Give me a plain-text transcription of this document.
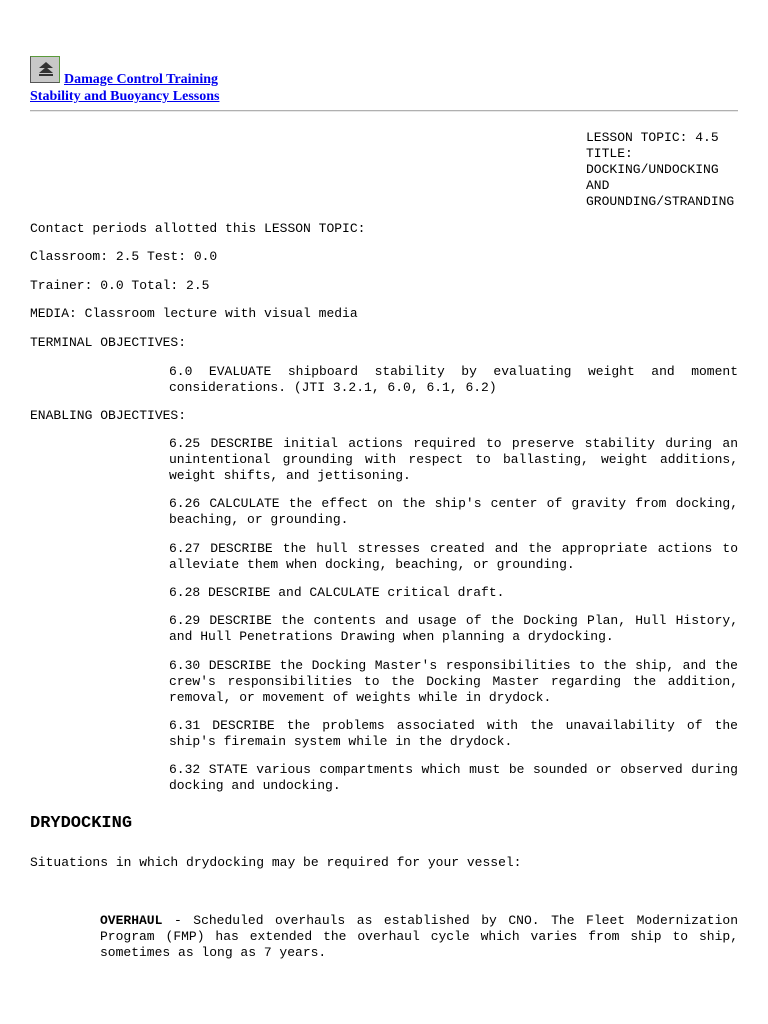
Damage Control Training
Stability and Buoyancy Lessons
LESSON TOPIC: 4.5
TITLE:
DOCKING/UNDOCKING
AND
GROUNDING/STRANDING
Contact periods allotted this LESSON TOPIC:
Classroom: 2.5 Test: 0.0
Trainer: 0.0 Total: 2.5
MEDIA: Classroom lecture with visual media
TERMINAL OBJECTIVES:
6.0 EVALUATE shipboard stability by evaluating weight and moment considerations. (JTI 3.2.1, 6.0, 6.1, 6.2)
ENABLING OBJECTIVES:
6.25 DESCRIBE initial actions required to preserve stability during an unintentional grounding with respect to ballasting, weight additions, weight shifts, and jettisoning.
6.26 CALCULATE the effect on the ship's center of gravity from docking, beaching, or grounding.
6.27 DESCRIBE the hull stresses created and the appropriate actions to alleviate them when docking, beaching, or grounding.
6.28 DESCRIBE and CALCULATE critical draft.
6.29 DESCRIBE the contents and usage of the Docking Plan, Hull History, and Hull Penetrations Drawing when planning a drydocking.
6.30 DESCRIBE the Docking Master's responsibilities to the ship, and the crew's responsibilities to the Docking Master regarding the addition, removal, or movement of weights while in drydock.
6.31 DESCRIBE the problems associated with the unavailability of the ship's firemain system while in the drydock.
6.32 STATE various compartments which must be sounded or observed during docking and undocking.
DRYDOCKING
Situations in which drydocking may be required for your vessel:
OVERHAUL - Scheduled overhauls as established by CNO. The Fleet Modernization Program (FMP) has extended the overhaul cycle which varies from ship to ship, sometimes as long as 7 years.
